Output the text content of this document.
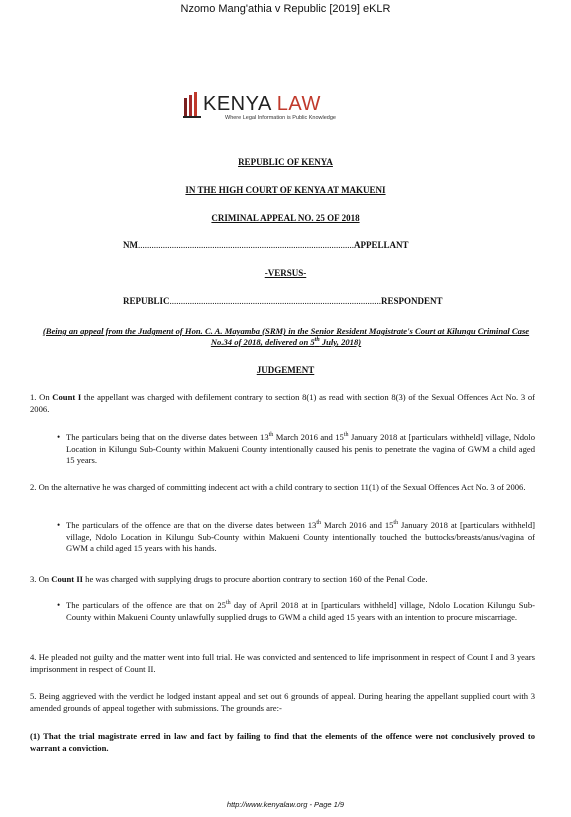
Nzomo Mang'athia v Republic [2019] eKLR
KENYA LAW
Where Legal Information is Public Knowledge
REPUBLIC OF KENYA
IN THE HIGH COURT OF KENYA AT MAKUENI
CRIMINAL APPEAL NO. 25 OF 2018
NM................................................................................................APPELLANT
-VERSUS-
REPUBLIC..............................................................................................RESPONDENT
(Being an appeal from the Judgment of Hon. C. A. Mayamba (SRM) in the Senior Resident Magistrate's Court at Kilungu Criminal Case No.34 of 2018, delivered on 5th July, 2018)
JUDGEMENT
1. On Count I the appellant was charged with defilement contrary to section 8(1) as read with section 8(3) of the Sexual Offences Act No. 3 of 2006.
• The particulars being that on the diverse dates between 13th March 2016 and 15th January 2018 at [particulars withheld] village, Ndolo Location in Kilungu Sub-County within Makueni County intentionally caused his penis to penetrate the vagina of GWM a child aged 15 years.
2. On the alternative he was charged of committing indecent act with a child contrary to section 11(1) of the Sexual Offences Act No. 3 of 2006.
• The particulars of the offence are that on the diverse dates between 13th March 2016 and 15th January 2018 at [particulars withheld] village, Ndolo Location in Kilungu Sub-County within Makueni County intentionally touched the buttocks/breasts/anus/vagina of GWM a child aged 15 years with his hands.
3. On Count II he was charged with supplying drugs to procure abortion contrary to section 160 of the Penal Code.
• The particulars of the offence are that on 25th day of April 2018 at in [particulars withheld] village, Ndolo Location Kilungu Sub-County within Makueni County unlawfully supplied drugs to GWM a child aged 15 years with an intention to procure miscarriage.
4. He pleaded not guilty and the matter went into full trial. He was convicted and sentenced to life imprisonment in respect of Count I and 3 years imprisonment in respect of Count II.
5. Being aggrieved with the verdict he lodged instant appeal and set out 6 grounds of appeal. During hearing the appellant supplied court with 3 amended grounds of appeal together with submissions. The grounds are:-
(1) That the trial magistrate erred in law and fact by failing to find that the elements of the offence were not conclusively proved to warrant a conviction.
http://www.kenyalaw.org - Page 1/9
